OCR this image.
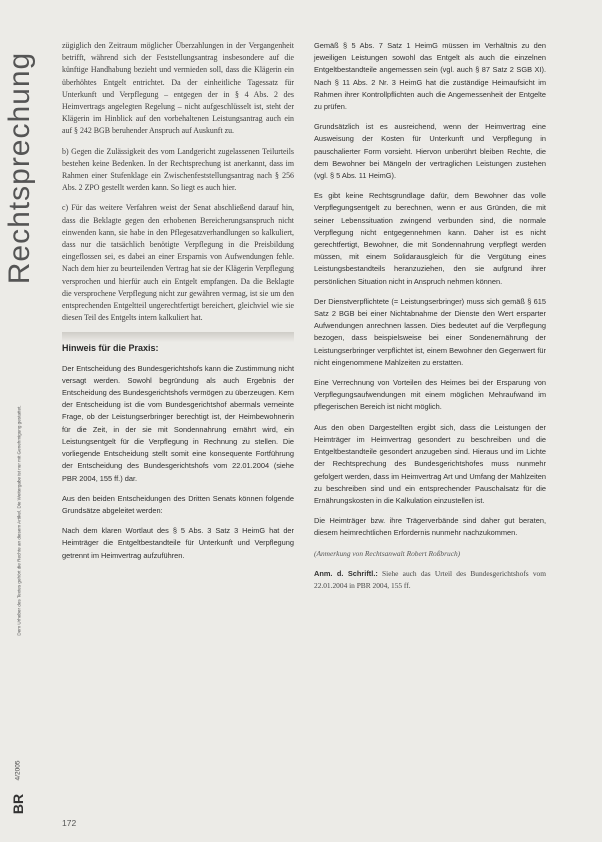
Rechtsprechung
Dem Urheber des Textes gehört die Rechte an diesem Artikel. Die Weitergabe ist nur mit Genehmigung gestattet.
4/2005
BR

zügiglich den Zeitraum möglicher Überzahlungen in der Vergangenheit betrifft, während sich der Feststellungsantrag insbesondere auf die künftige Handhabung bezieht und vermieden soll, dass die Klägerin ein überhöhtes Entgelt entrichtet. Da der einheitliche Tagessatz für Unterkunft und Verpflegung – entgegen der in § 4 Abs. 2 des Heimvertrags angelegten Regelung – nicht aufgeschlüsselt ist, steht der Klägerin im Hinblick auf den vorbehaltenen Leistungsantrag auch ein auf § 242 BGB beruhender Anspruch auf Auskunft zu.

b) Gegen die Zulässigkeit des vom Landgericht zugelassenen Teilurteils bestehen keine Bedenken. In der Rechtsprechung ist anerkannt, dass im Rahmen einer Stufenklage ein Zwischenfeststellungsantrag nach § 256 Abs. 2 ZPO gestellt werden kann. So liegt es auch hier.

c) Für das weitere Verfahren weist der Senat abschließend darauf hin, dass die Beklagte gegen den erhobenen Bereicherungsanspruch nicht einwenden kann, sie habe in den Pflegesatzverhandlungen so kalkuliert, dass nur die tatsächlich benötigte Verpflegung in die Preisbildung eingeflossen sei, es dabei an einer Ersparnis von Aufwendungen fehle. Nach dem hier zu beurteilenden Vertrag hat sie der Klägerin Verpflegung versprochen und hierfür auch ein Entgelt empfangen. Da die Beklagte die versprochene Verpflegung nicht zur gewähren vermag, ist sie um den entsprechenden Entgeltteil ungerechtfertigt bereichert, gleichviel wie sie diesen Teil des Entgelts intern kalkuliert hat.

Hinweis für die Praxis:

Der Entscheidung des Bundesgerichtshofs kann die Zustimmung nicht versagt werden. Sowohl begründung als auch Ergebnis der Entscheidung des Bundesgerichtshofs vermögen zu überzeugen. Kern der Entscheidung ist die vom Bundesgerichtshof abermals verneinte Frage, ob der Leistungserbringer berechtigt ist, der Heimbewohnerin für die Zeit, in der sie mit Sondennahrung ernährt wird, ein Leistungsentgelt für die Verpflegung in Rechnung zu stellen. Die vorliegende Entscheidung stellt somit eine konsequente Fortführung der Entscheidung des Bundesgerichtshofs vom 22.01.2004 (siehe PBR 2004, 155 ff.) dar.

Aus den beiden Entscheidungen des Dritten Senats können folgende Grundsätze abgeleitet werden:

Nach dem klaren Wortlaut des § 5 Abs. 3 Satz 3 HeimG hat der Heimträger die Entgeltbestandteile für Unterkunft und Verpflegung getrennt im Heimvertrag aufzuführen.

Gemäß § 5 Abs. 7 Satz 1 HeimG müssen im Verhältnis zu den jeweiligen Leistungen sowohl das Entgelt als auch die einzelnen Entgeltbestandteile angemessen sein (vgl. auch § 87 Satz 2 SGB XI). Nach § 11 Abs. 2 Nr. 3 HeimG hat die zuständige Heimaufsicht im Rahmen ihrer Kontrollpflichten auch die Angemessenheit der Entgelte zu prüfen.

Grundsätzlich ist es ausreichend, wenn der Heimvertrag eine Ausweisung der Kosten für Unterkunft und Verpflegung in pauschalierter Form vorsieht. Hiervon unberührt bleiben Rechte, die dem Bewohner bei Mängeln der vertraglichen Leistungen zustehen (vgl. § 5 Abs. 11 HeimG).

Es gibt keine Rechtsgrundlage dafür, dem Bewohner das volle Verpflegungsentgelt zu berechnen, wenn er aus Gründen, die mit seiner Lebenssituation zwingend verbunden sind, die normale Verpflegung nicht entgegennehmen kann. Daher ist es nicht gerechtfertigt, Bewohner, die mit Sondennahrung verpflegt werden müssen, mit einem Solidarausgleich für die Vergütung eines Leistungsbestandteils heranzuziehen, den sie aufgrund ihrer persönlichen Situation nicht in Anspruch nehmen können.

Der Dienstverpflichtete (= Leistungserbringer) muss sich gemäß § 615 Satz 2 BGB bei einer Nichtabnahme der Dienste den Wert ersparter Aufwendungen anrechnen lassen. Dies bedeutet auf die Verpflegung bezogen, dass beispielsweise bei einer Sondenernährung der Leistungserbringer verpflichtet ist, einem Bewohner den Gegenwert für nicht eingenommene Mahlzeiten zu erstatten.

Eine Verrechnung von Vorteilen des Heimes bei der Ersparung von Verpflegungsaufwendungen mit einem möglichen Mehraufwand im pflegerischen Bereich ist nicht möglich.

Aus den oben Dargestellten ergibt sich, dass die Leistungen der Heimträger im Heimvertrag gesondert zu beschreiben und die Entgeltbestandteile gesondert anzugeben sind. Hieraus und im Lichte der Rechtsprechung des Bundesgerichtshofes muss nunmehr gefolgert werden, dass im Heimvertrag Art und Umfang der Mahlzeiten zu beschreiben sind und ein entsprechender Pauschalsatz für die Ernährungskosten in die Kalkulation einzustellen ist.

Die Heimträger bzw. ihre Trägerverbände sind daher gut beraten, diesem heimrechtlichen Erfordernis nunmehr nachzukommen.

(Anmerkung von Rechtsanwalt Robert Roßbruch)

Anm. d. Schriftl.: Siehe auch das Urteil des Bundesgerichtshofs vom 22.01.2004 in PBR 2004, 155 ff.

172
